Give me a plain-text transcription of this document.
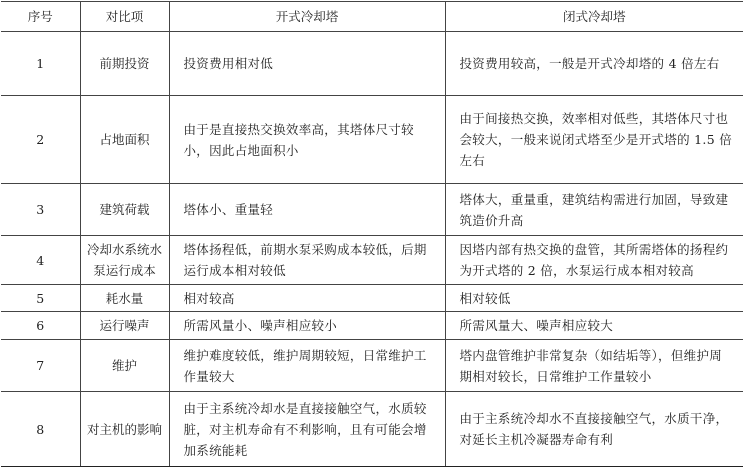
序号	对比项	开式冷却塔	闭式冷却塔
1	前期投资	投资费用相对低	投资费用较高，一般是开式冷却塔的 4 倍左右
2	占地面积	由于是直接热交换效率高，其塔体尺寸较小，因此占地面积小	由于间接热交换，效率相对低些，其塔体尺寸也会较大，一般来说闭式塔至少是开式塔的 1.5 倍左右
3	建筑荷载	塔体小、重量轻	塔体大，重量重，建筑结构需进行加固，导致建筑造价升高
4	冷却水系统水泵运行成本	塔体扬程低，前期水泵采购成本较低，后期运行成本相对较低	因塔内部有热交换的盘管，其所需塔体的扬程约为开式塔的 2 倍，水泵运行成本相对较高
5	耗水量	相对较高	相对较低
6	运行噪声	所需风量小、噪声相应较小	所需风量大、噪声相应较大
7	维护	维护难度较低，维护周期较短，日常维护工作量较大	塔内盘管维护非常复杂（如结垢等），但维护周期相对较长，日常维护工作量较小
8	对主机的影响	由于主系统冷却水是直接接触空气，水质较脏，对主机寿命有不利影响，且有可能会增加系统能耗	由于主系统冷却水不直接接触空气，水质干净，对延长主机冷凝器寿命有利
